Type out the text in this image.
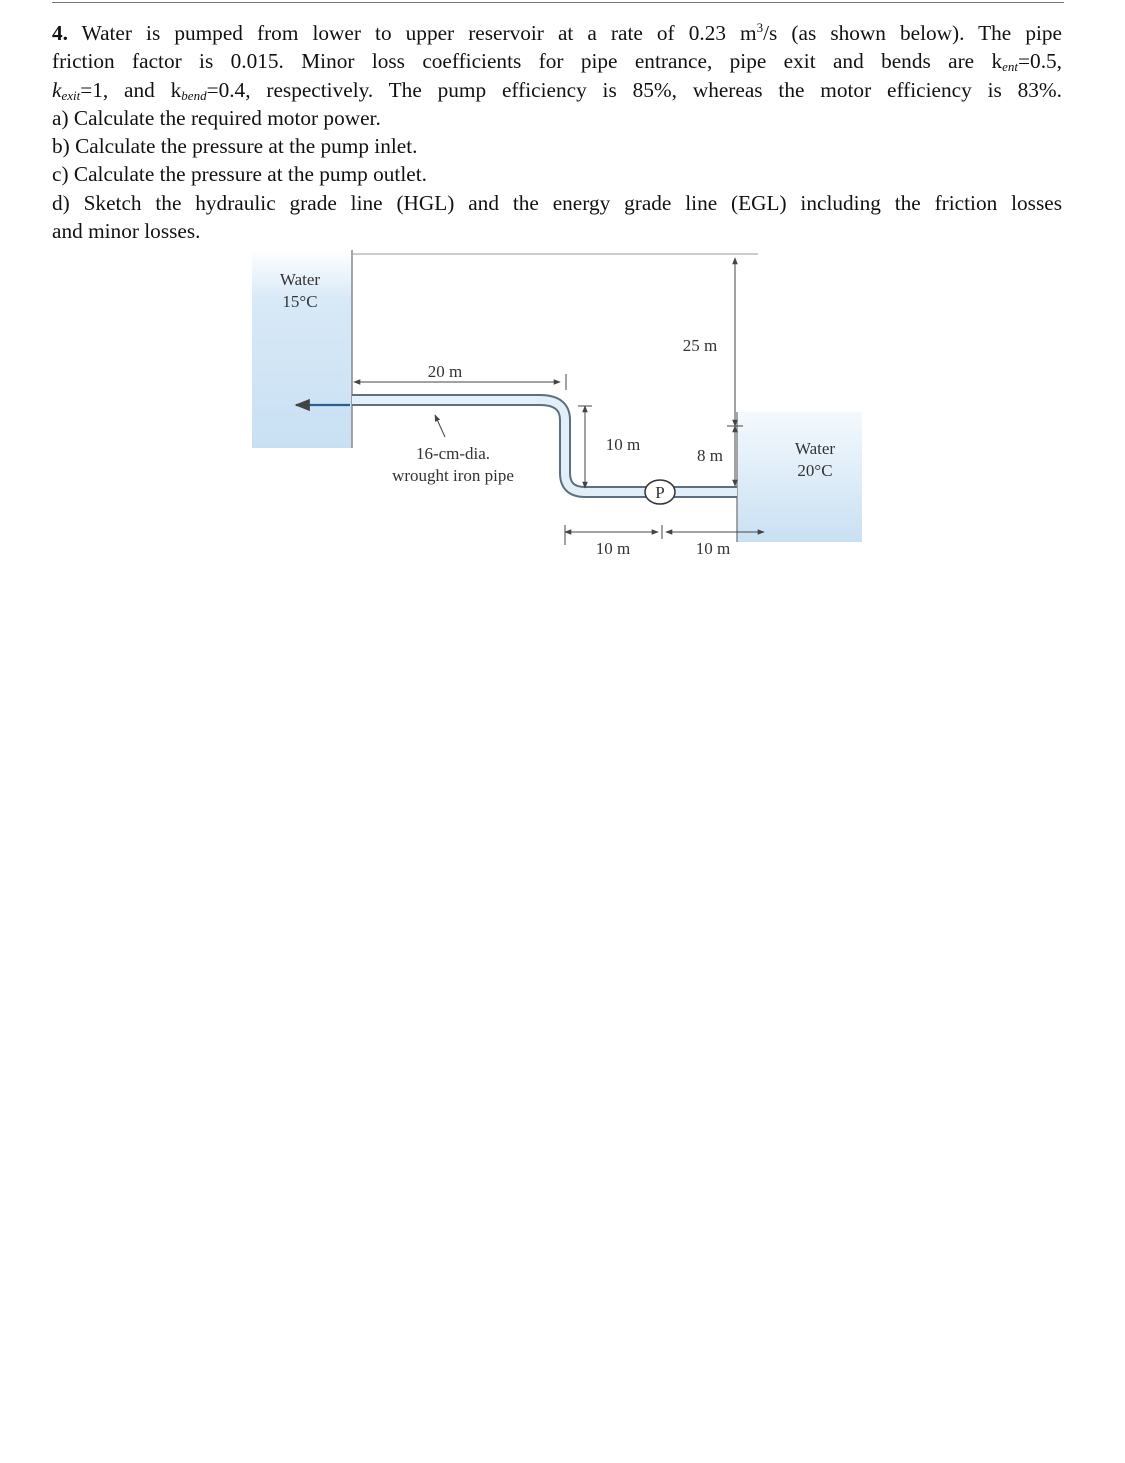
4. Water is pumped from lower to upper reservoir at a rate of 0.23 $m^3/s$ (as shown below). The pipe

friction factor is 0.015. Minor loss coefficients for pipe entrance, pipe exit and bends are $k_{ent}=0.5$,

$k_{exit}=1$, and $k_{bend}=0.4$, respectively. The pump efficiency is 85%, whereas the motor efficiency is 83%.

a) Calculate the required motor power.

b) Calculate the pressure at the pump inlet.

c) Calculate the pressure at the pump outlet.

d) Sketch the hydraulic grade line (HGL) and the energy grade line (EGL) including the friction losses

and minor losses.

Water
15°C
Water
20°C
P
20 m
25 m
10 m
8 m
10 m	10 m
16-cm-dia.
wrought iron pipe
